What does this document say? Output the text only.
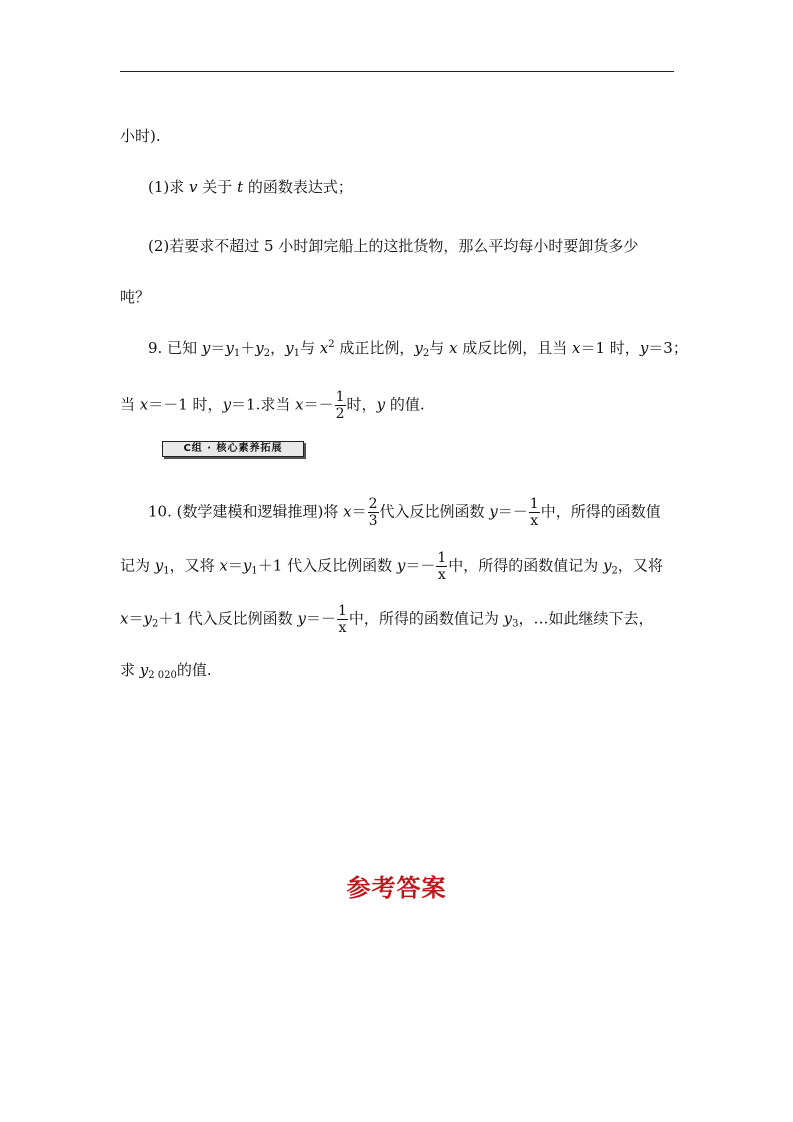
小时).
(1)求 v 关于 t 的函数表达式；
(2)若要求不超过 5 小时卸完船上的这批货物，那么平均每小时要卸货多少
吨？
9. 已知 $y=y_1+y_2$，$y_1$与 $x^2$ 成正比例，$y_2$与 x 成反比例，且当 x＝1 时，y＝3；
当 x＝－1 时，y＝1.求当 $x=- \frac{1}{2}$ 时，y 的值.
C组 · 核心素养拓展
10. (数学建模和逻辑推理)将 $x= \frac{2}{3}$ 代入反比例函数 $y=- \frac{1}{x}$ 中，所得的函数值
记为 $y_1$，又将 $x=y_1+1$ 代入反比例函数 $y=- \frac{1}{x}$ 中，所得的函数值记为 $y_2$，又将
$x=y_2+1$ 代入反比例函数 $y=- \frac{1}{x}$ 中，所得的函数值记为 $y_3$，…如此继续下去，
求 $y_{2 020}$的值.
参考答案
